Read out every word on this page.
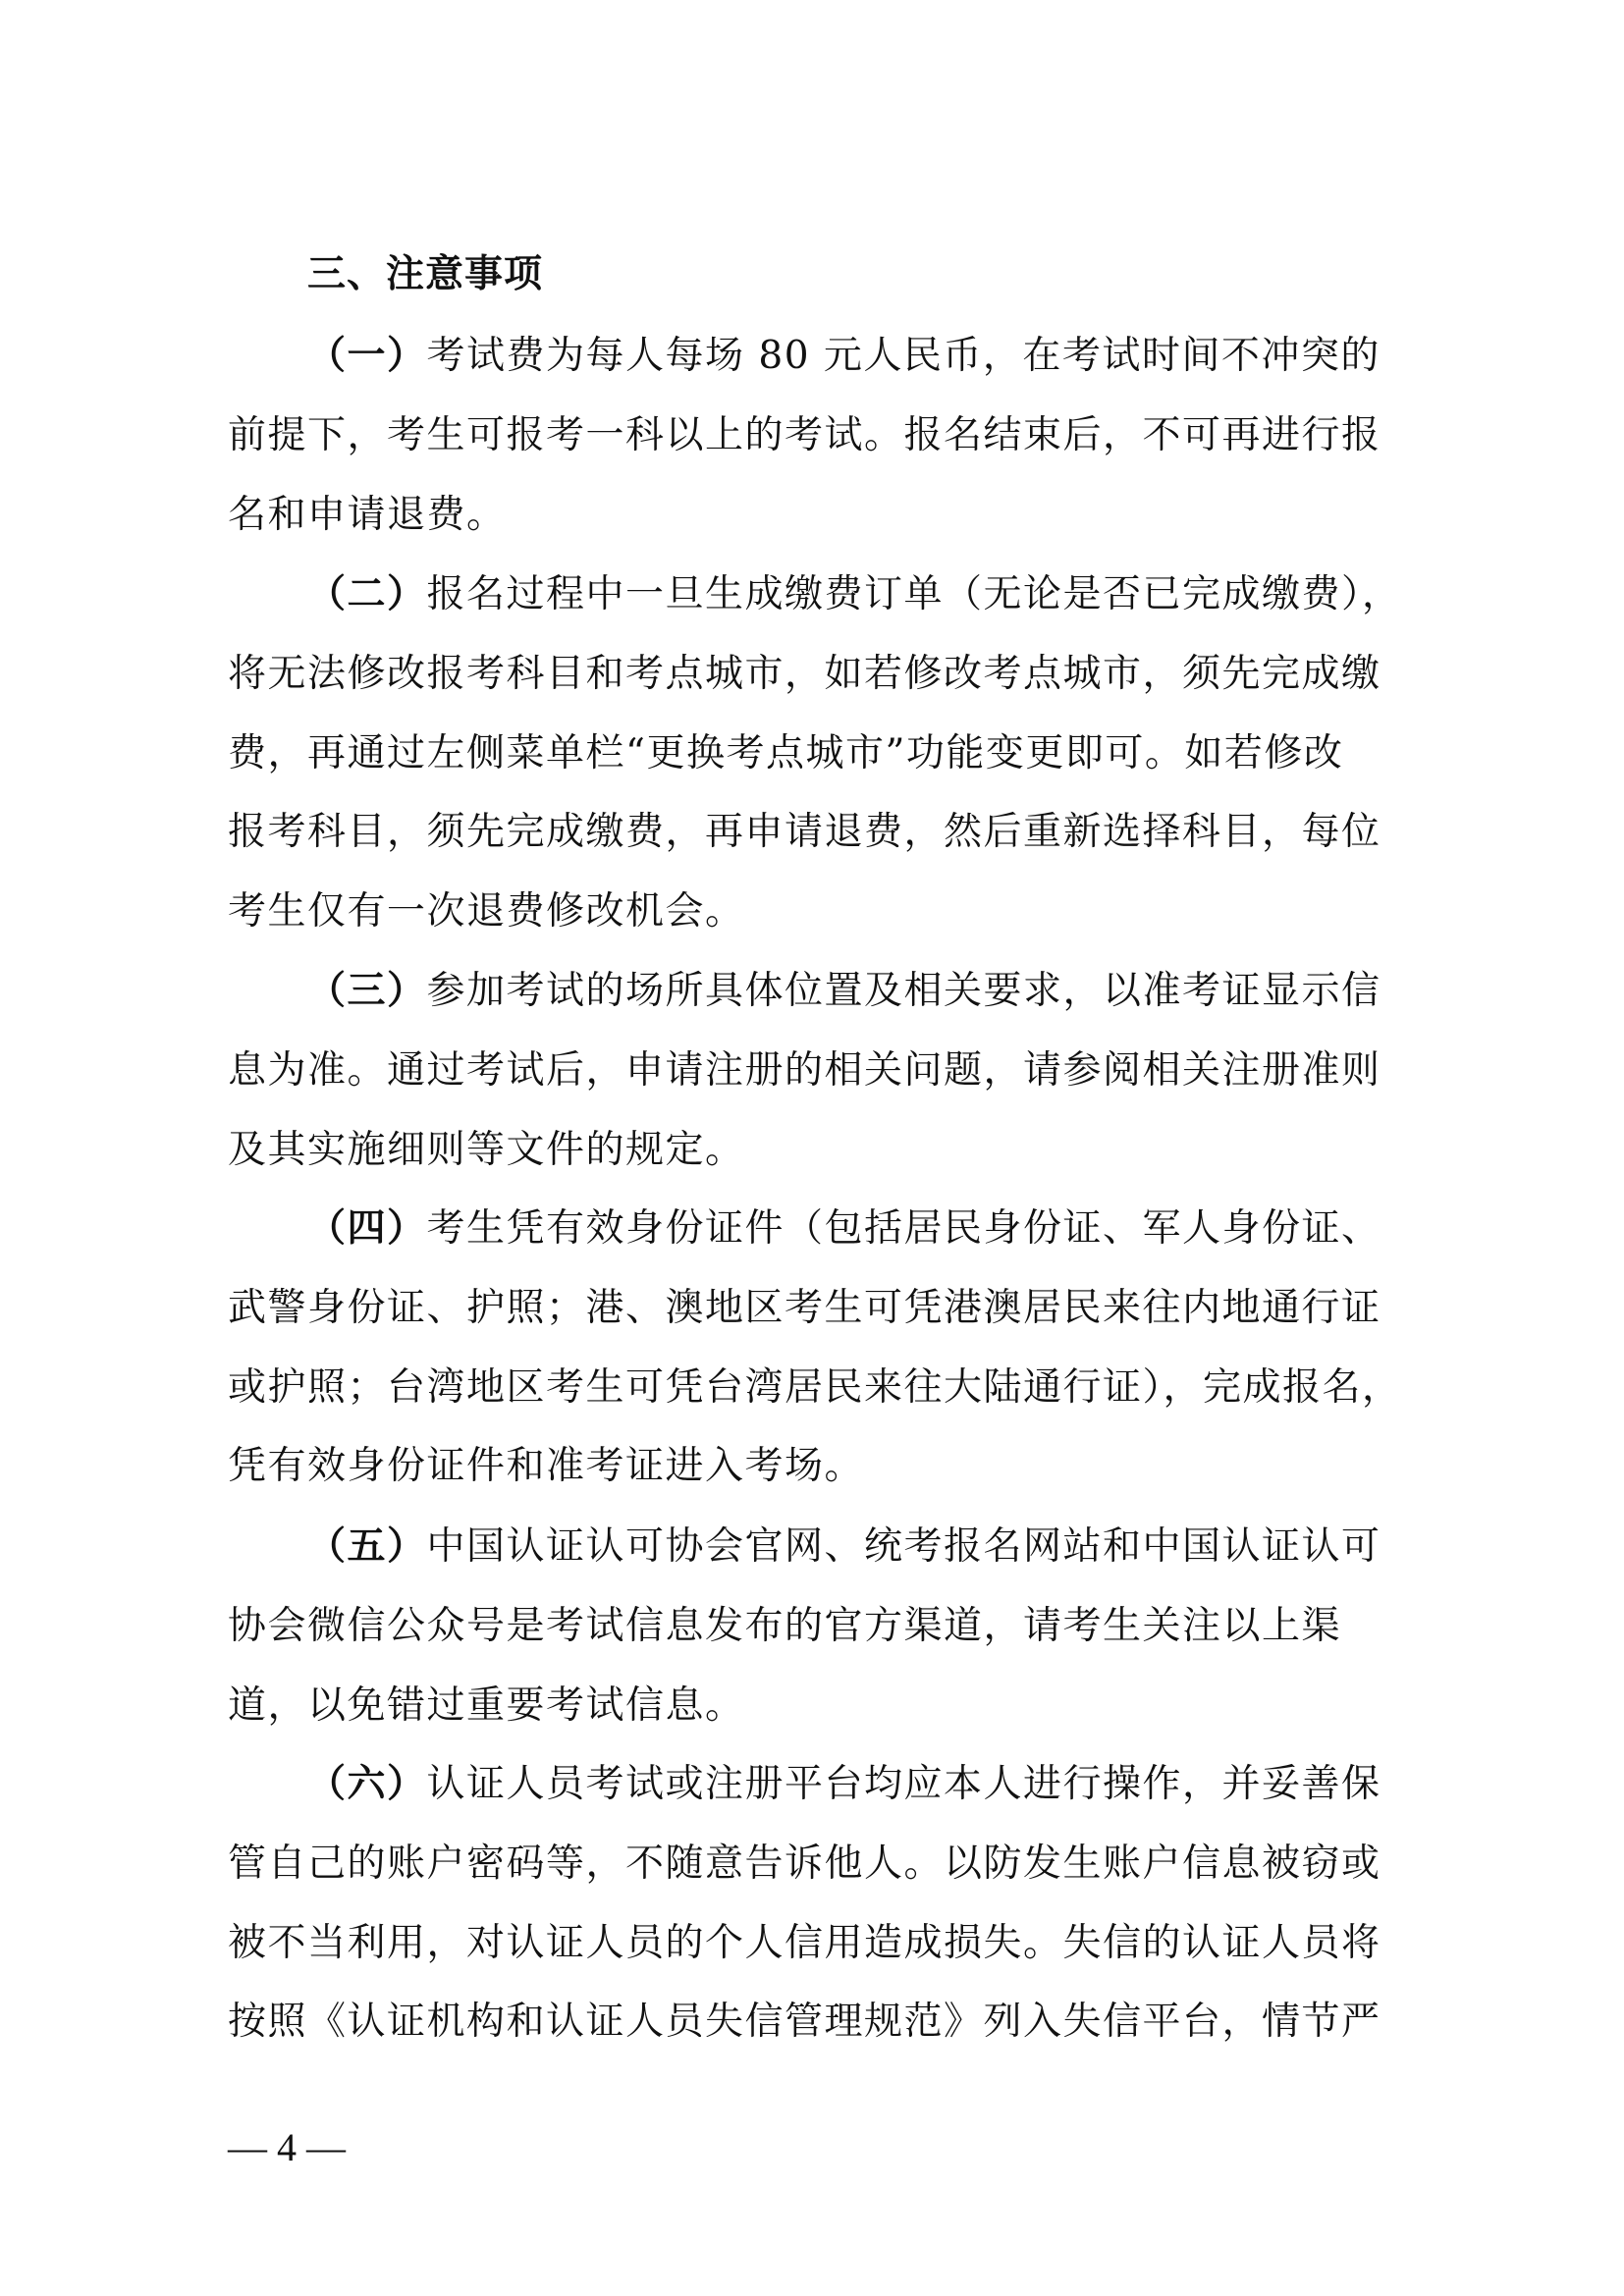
三、注意事项
（一）考试费为每人每场 80 元人民币，在考试时间不冲突的
前提下，考生可报考一科以上的考试。报名结束后，不可再进行报
名和申请退费。
（二）报名过程中一旦生成缴费订单（无论是否已完成缴费），
将无法修改报考科目和考点城市，如若修改考点城市，须先完成缴
费，再通过左侧菜单栏“更换考点城市”功能变更即可。如若修改
报考科目，须先完成缴费，再申请退费，然后重新选择科目，每位
考生仅有一次退费修改机会。
（三）参加考试的场所具体位置及相关要求，以准考证显示信
息为准。通过考试后，申请注册的相关问题，请参阅相关注册准则
及其实施细则等文件的规定。
（四）考生凭有效身份证件（包括居民身份证、军人身份证、
武警身份证、护照；港、澳地区考生可凭港澳居民来往内地通行证
或护照；台湾地区考生可凭台湾居民来往大陆通行证），完成报名，
凭有效身份证件和准考证进入考场。
（五）中国认证认可协会官网、统考报名网站和中国认证认可
协会微信公众号是考试信息发布的官方渠道，请考生关注以上渠
道，以免错过重要考试信息。
（六）认证人员考试或注册平台均应本人进行操作，并妥善保
管自己的账户密码等，不随意告诉他人。以防发生账户信息被窃或
被不当利用，对认证人员的个人信用造成损失。失信的认证人员将
按照《认证机构和认证人员失信管理规范》列入失信平台，情节严
— 4 —
